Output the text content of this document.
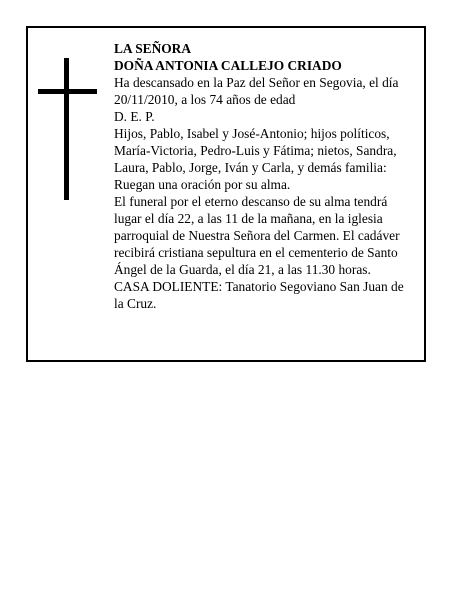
LA SEÑORA
DOÑA ANTONIA CALLEJO CRIADO
Ha descansado en la Paz del Señor en Segovia, el día
20/11/2010, a los 74 años de edad
D. E. P.
Hijos, Pablo, Isabel y José-Antonio; hijos políticos,
María-Victoria, Pedro-Luis y Fátima; nietos, Sandra,
Laura, Pablo, Jorge, Iván y Carla, y demás familia:
Ruegan una oración por su alma.
El funeral por el eterno descanso de su alma tendrá
lugar el día 22, a las 11 de la mañana, en la iglesia
parroquial de Nuestra Señora del Carmen. El cadáver
recibirá cristiana sepultura en el cementerio de Santo
Ángel de la Guarda, el día 21, a las 11.30 horas.
CASA DOLIENTE: Tanatorio Segoviano San Juan de
la Cruz.
